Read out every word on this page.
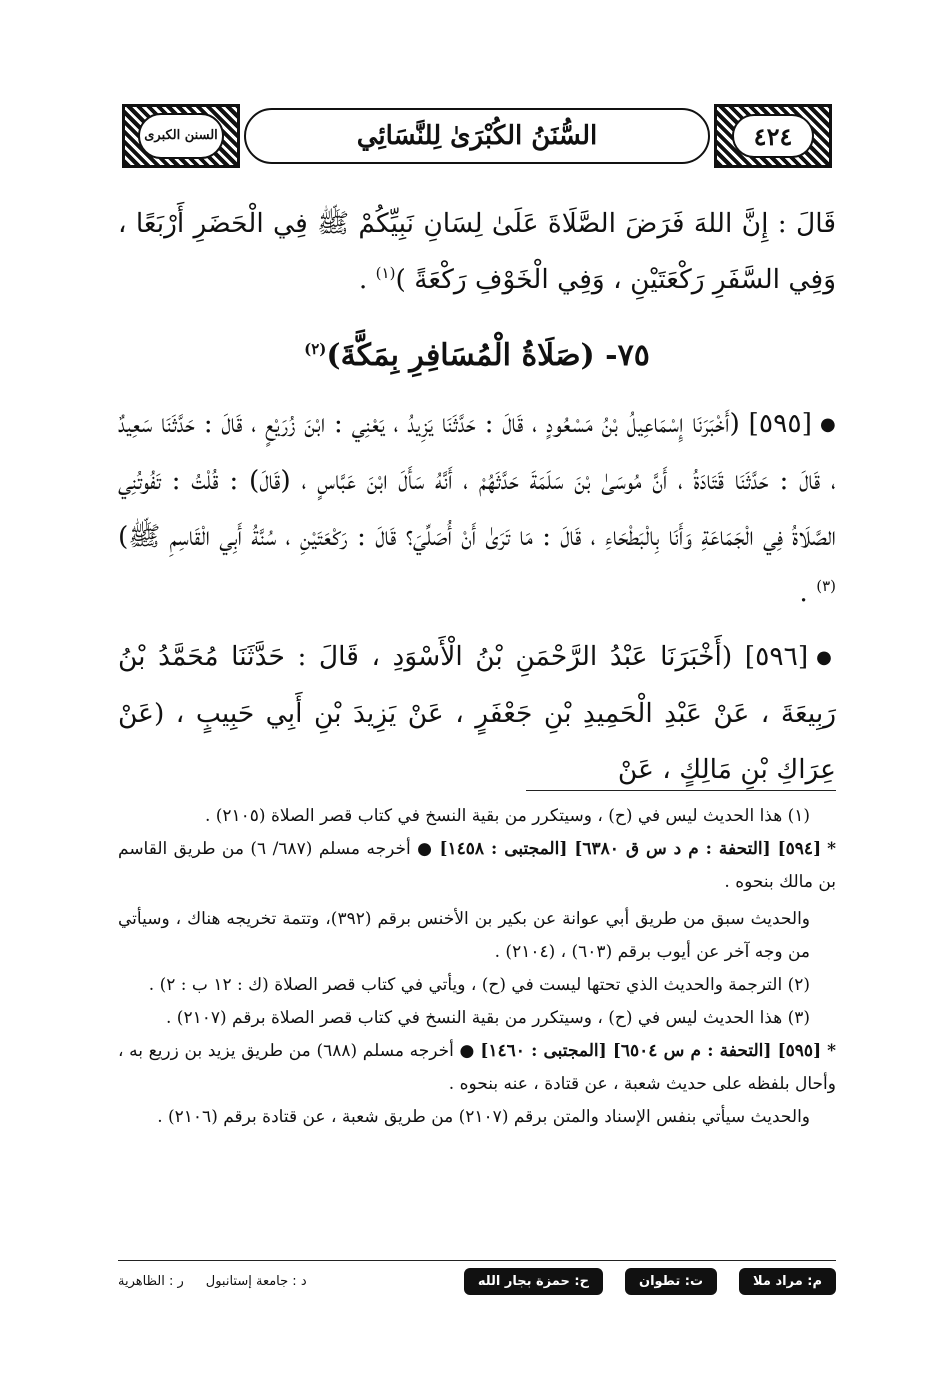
٤٢٤
السُّنَنُ الكُبْرَىٰ لِلنَّسَائِي
السنن الكبرى

قَالَ : إِنَّ اللهَ فَرَضَ الصَّلَاةَ عَلَىٰ لِسَانِ نَبِيِّكُمْ ﷺ فِي الْحَضَرِ أَرْبَعًا ، وَفِي السَّفَرِ رَكْعَتَيْنِ ، وَفِي الْخَوْفِ رَكْعَةً )$^{(١)}$ .

٧٥- (صَلَاةُ الْمُسَافِرِ بِمَكَّةَ)$^{(٢)}$

●[٥٩٥] (أَخْبَرَنَا إِسْمَاعِيلُ بْنُ مَسْعُودٍ ، قَالَ : حَدَّثَنَا يَزِيدُ ، يَعْنِي : ابْنَ زُرَيْعٍ ، قَالَ : حَدَّثَنَا سَعِيدٌ ، قَالَ : حَدَّثَنَا قَتَادَةُ ، أَنَّ مُوسَىٰ بْنَ سَلَمَةَ حَدَّثَهُمْ ، أَنَّهُ سَأَلَ ابْنَ عَبَّاسٍ ، (قَالَ) : قُلْتُ : تَفُوتُنِي الصَّلَاةُ فِي الْجَمَاعَةِ وَأَنَا بِالْبَطْحَاءِ ، قَالَ : مَا تَرَىٰ أَنْ أُصَلِّيَ؟ قَالَ : رَكْعَتَيْنِ ، سُنَّةُ أَبِي الْقَاسِمِ ﷺ)$^{(٣)}$ .

●[٥٩٦] (أَخْبَرَنَا عَبْدُ الرَّحْمَنِ بْنُ الْأَسْوَدِ ، قَالَ : حَدَّثَنَا مُحَمَّدُ بْنُ رَبِيعَةَ ، عَنْ عَبْدِ الْحَمِيدِ بْنِ جَعْفَرٍ ، عَنْ يَزِيدَ بْنِ أَبِي حَبِيبٍ ، (عَنْ عِرَاكِ بْنِ مَالِكٍ ، عَنْ

(١) هذا الحديث ليس في (ح) ، وسيتكرر من بقية النسخ في كتاب قصر الصلاة (٢١٠٥) .

*[٥٩٤] [التحفة : م د س ق ٦٣٨٠] [المجتبى : ١٤٥٨] ● أخرجه مسلم (٦٨٧/ ٦) من طريق القاسم بن مالك بنحوه .

والحديث سبق من طريق أبي عوانة عن بكير بن الأخنس برقم (٣٩٢)، وتتمة تخريجه هناك ، وسيأتي من وجه آخر عن أيوب برقم (٦٠٣) ، (٢١٠٤) .

(٢) الترجمة والحديث الذي تحتها ليست في (ح) ، ويأتي في كتاب قصر الصلاة (ك : ١٢ ب : ٢) .

(٣) هذا الحديث ليس في (ح) ، وسيتكرر من بقية النسخ في كتاب قصر الصلاة برقم (٢١٠٧) .

*[٥٩٥] [التحفة : م س ٦٥٠٤] [المجتبى : ١٤٦٠] ● أخرجه مسلم (٦٨٨) من طريق يزيد بن زريع به ، وأحال بلفظه على حديث شعبة ، عن قتادة ، عنه بنحوه .

والحديث سيأتي بنفس الإسناد والمتن برقم (٢١٠٧) من طريق شعبة ، عن قتادة برقم (٢١٠٦) .

م: مراد ملا
ت: تطوان
ح: حمزة بجار الله
د : جامعة إستانبول
ر : الظاهرية
